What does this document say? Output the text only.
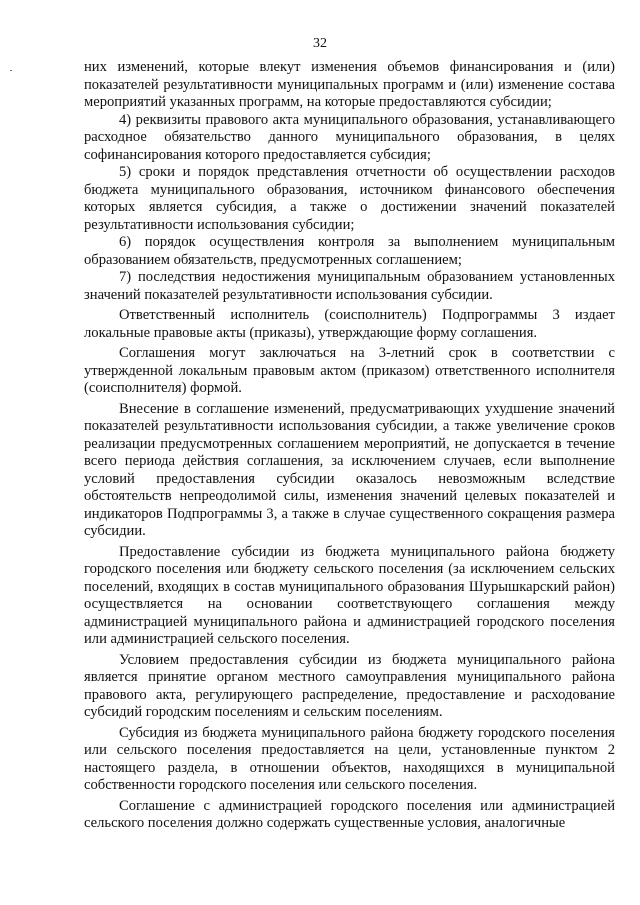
32

них изменений, которые влекут изменения объемов финансирования и (или) показателей результативности муниципальных программ и (или) изменение состава мероприятий указанных программ, на которые предоставляются субсидии;

4) реквизиты правового акта муниципального образования, устанавливающего расходное обязательство данного муниципального образования, в целях софинансирования которого предоставляется субсидия;

5) сроки и порядок представления отчетности об осуществлении расходов бюджета муниципального образования, источником финансового обеспечения которых является субсидия, а также о достижении значений показателей результативности использования субсидии;

6) порядок осуществления контроля за выполнением муниципальным образованием обязательств, предусмотренных соглашением;

7) последствия недостижения муниципальным образованием установленных значений показателей результативности использования субсидии.

Ответственный исполнитель (соисполнитель) Подпрограммы 3 издает локальные правовые акты (приказы), утверждающие форму соглашения.

Соглашения могут заключаться на 3-летний срок в соответствии с утвержденной локальным правовым актом (приказом) ответственного исполнителя (соисполнителя) формой.

Внесение в соглашение изменений, предусматривающих ухудшение значений показателей результативности использования субсидии, а также увеличение сроков реализации предусмотренных соглашением мероприятий, не допускается в течение всего периода действия соглашения, за исключением случаев, если выполнение условий предоставления субсидии оказалось невозможным вследствие обстоятельств непреодолимой силы, изменения значений целевых показателей и индикаторов Подпрограммы 3, а также в случае существенного сокращения размера субсидии.

Предоставление субсидии из бюджета муниципального района бюджету городского поселения или бюджету сельского поселения (за исключением сельских поселений, входящих в состав муниципального образования Шурышкарский район) осуществляется на основании соответствующего соглашения между администрацией муниципального района и администрацией городского поселения или администрацией сельского поселения.

Условием предоставления субсидии из бюджета муниципального района является принятие органом местного самоуправления муниципального района правового акта, регулирующего распределение, предоставление и расходование субсидий городским поселениям и сельским поселениям.

Субсидия из бюджета муниципального района бюджету городского поселения или сельского поселения предоставляется на цели, установленные пунктом 2 настоящего раздела, в отношении объектов, находящихся в муниципальной собственности городского поселения или сельского поселения.

Соглашение с администрацией городского поселения или администрацией сельского поселения должно содержать существенные условия, аналогичные
